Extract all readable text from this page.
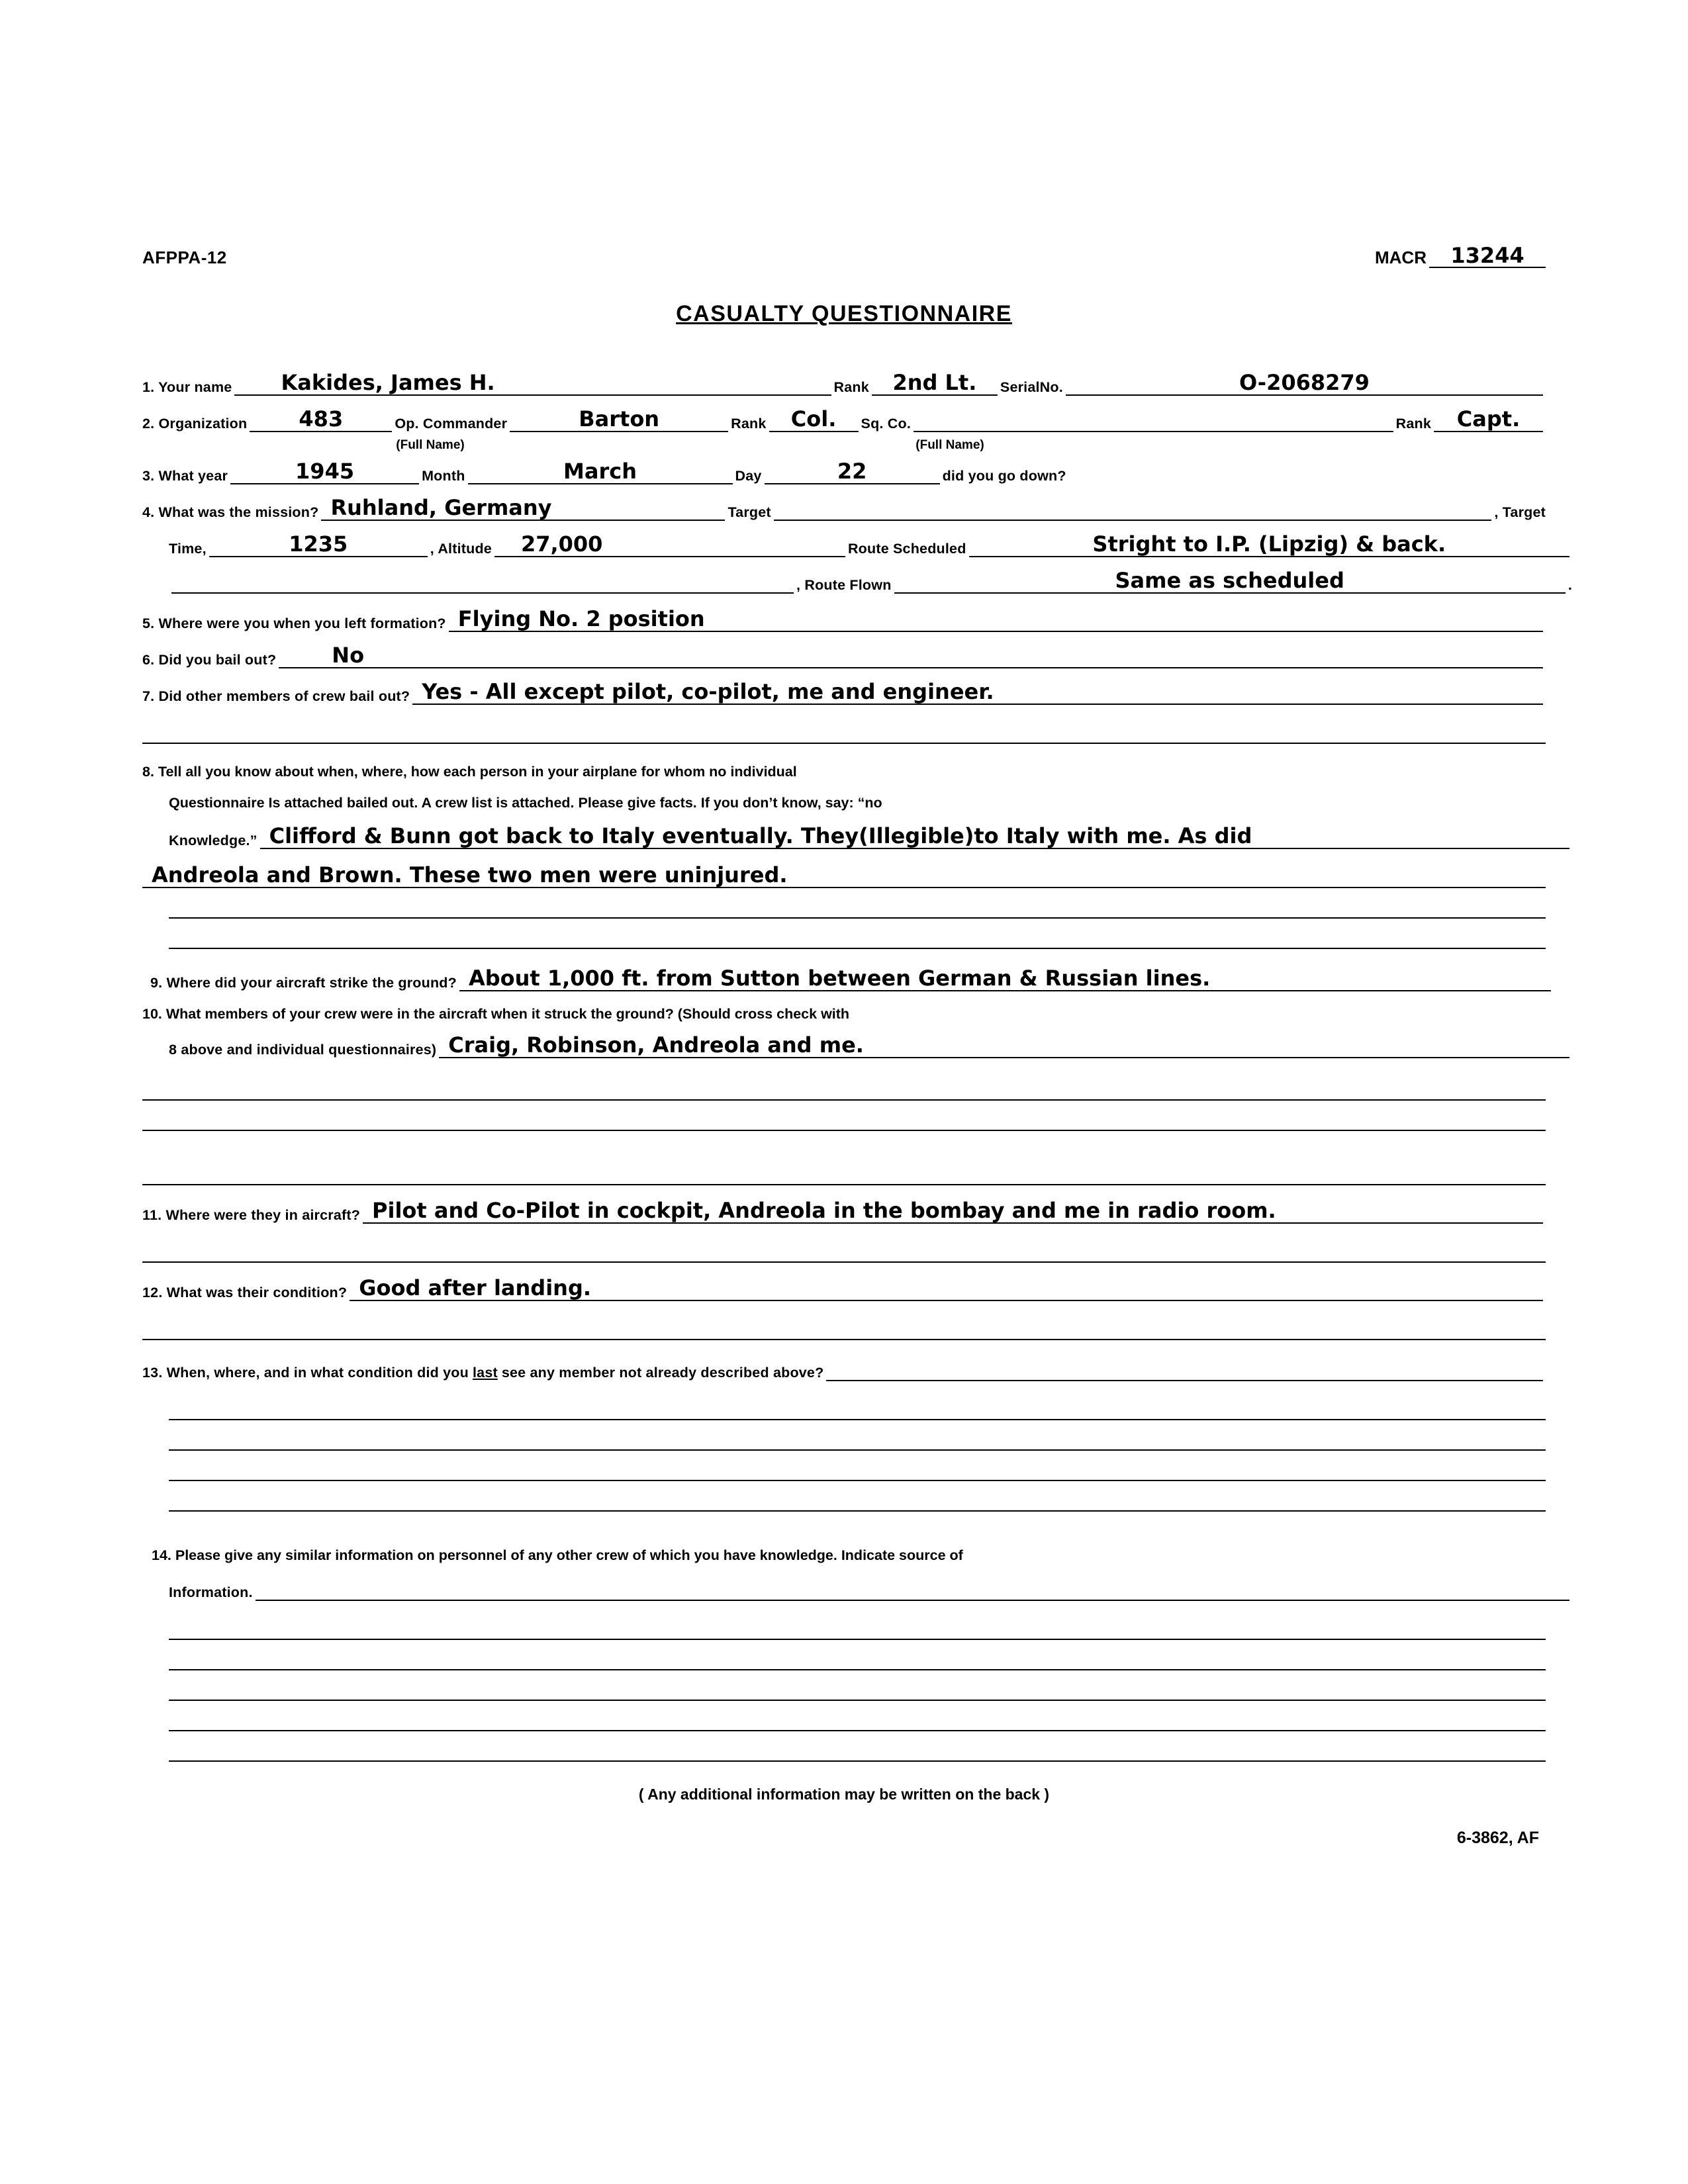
AFPPA-12	MACR	13244
CASUALTY QUESTIONNAIRE
1. Your name	Kakides, James H.	Rank	2nd Lt.	SerialNo.	O-2068279
2. Organization	483	Op. Commander	Barton	Rank	Col.	Sq. Co.	Rank	Capt.
(Full Name)	(Full Name)
3. What year	1945	Month	March	Day	22	did you go down?
4. What was the mission? Ruhland, Germany	Target	, Target
Time,	1235	, Altitude	27,000	Route Scheduled	Stright to I.P. (Lipzig) & back.
, Route Flown	Same as scheduled	.
5. Where were you when you left formation? Flying No. 2 position
6. Did you bail out?	No
7. Did other members of crew bail out? Yes - All except pilot, co-pilot, me and engineer.
8. Tell all you know about when, where, how each person in your airplane for whom no individual
Questionnaire Is attached bailed out. A crew list is attached. Please give facts. If you don’t know, say: “no
Knowledge.” Clifford & Bunn got back to Italy eventually. They(Illegible)to Italy with me. As did
Andreola and Brown. These two men were uninjured.
9. Where did your aircraft strike the ground? About 1,000 ft. from Sutton between German & Russian lines.
10. What members of your crew were in the aircraft when it struck the ground? (Should cross check with
8 above and individual questionnaires) Craig, Robinson, Andreola and me.
11. Where were they in aircraft? Pilot and Co-Pilot in cockpit, Andreola in the bombay and me in radio room.
12. What was their condition? Good after landing.
13. When, where, and in what condition did you last see any member not already described above?
14. Please give any similar information on personnel of any other crew of which you have knowledge. Indicate source of
Information.
( Any additional information may be written on the back )
6-3862, AF
